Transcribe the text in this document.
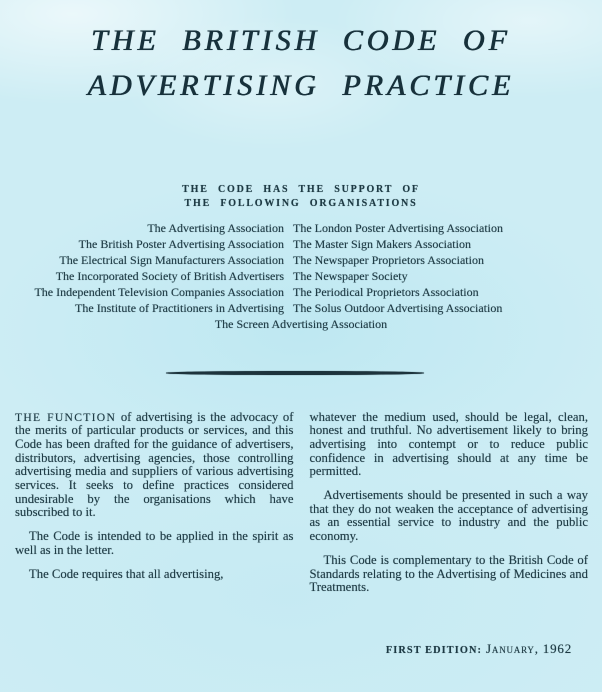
THE BRITISH CODE OF
ADVERTISING PRACTICE
THE CODE HAS THE SUPPORT OF
THE FOLLOWING ORGANISATIONS
The Advertising Association
The British Poster Advertising Association
The Electrical Sign Manufacturers Association
The Incorporated Society of British Advertisers
The Independent Television Companies Association
The Institute of Practitioners in Advertising
The London Poster Advertising Association
The Master Sign Makers Association
The Newspaper Proprietors Association
The Newspaper Society
The Periodical Proprietors Association
The Solus Outdoor Advertising Association
The Screen Advertising Association

THE FUNCTION of advertising is the advocacy of the merits of particular products or services, and this Code has been drafted for the guidance of advertisers, distributors, advertising agencies, those controlling advertising media and suppliers of various advertising services. It seeks to define practices considered undesirable by the organisations which have subscribed to it.

The Code is intended to be applied in the spirit as well as in the letter.

The Code requires that all advertising,

whatever the medium used, should be legal, clean, honest and truthful. No advertisement likely to bring advertising into contempt or to reduce public confidence in advertising should at any time be permitted.

Advertisements should be presented in such a way that they do not weaken the acceptance of advertising as an essential service to industry and the public economy.

This Code is complementary to the British Code of Standards relating to the Advertising of Medicines and Treatments.

FIRST EDITION: January, 1962
